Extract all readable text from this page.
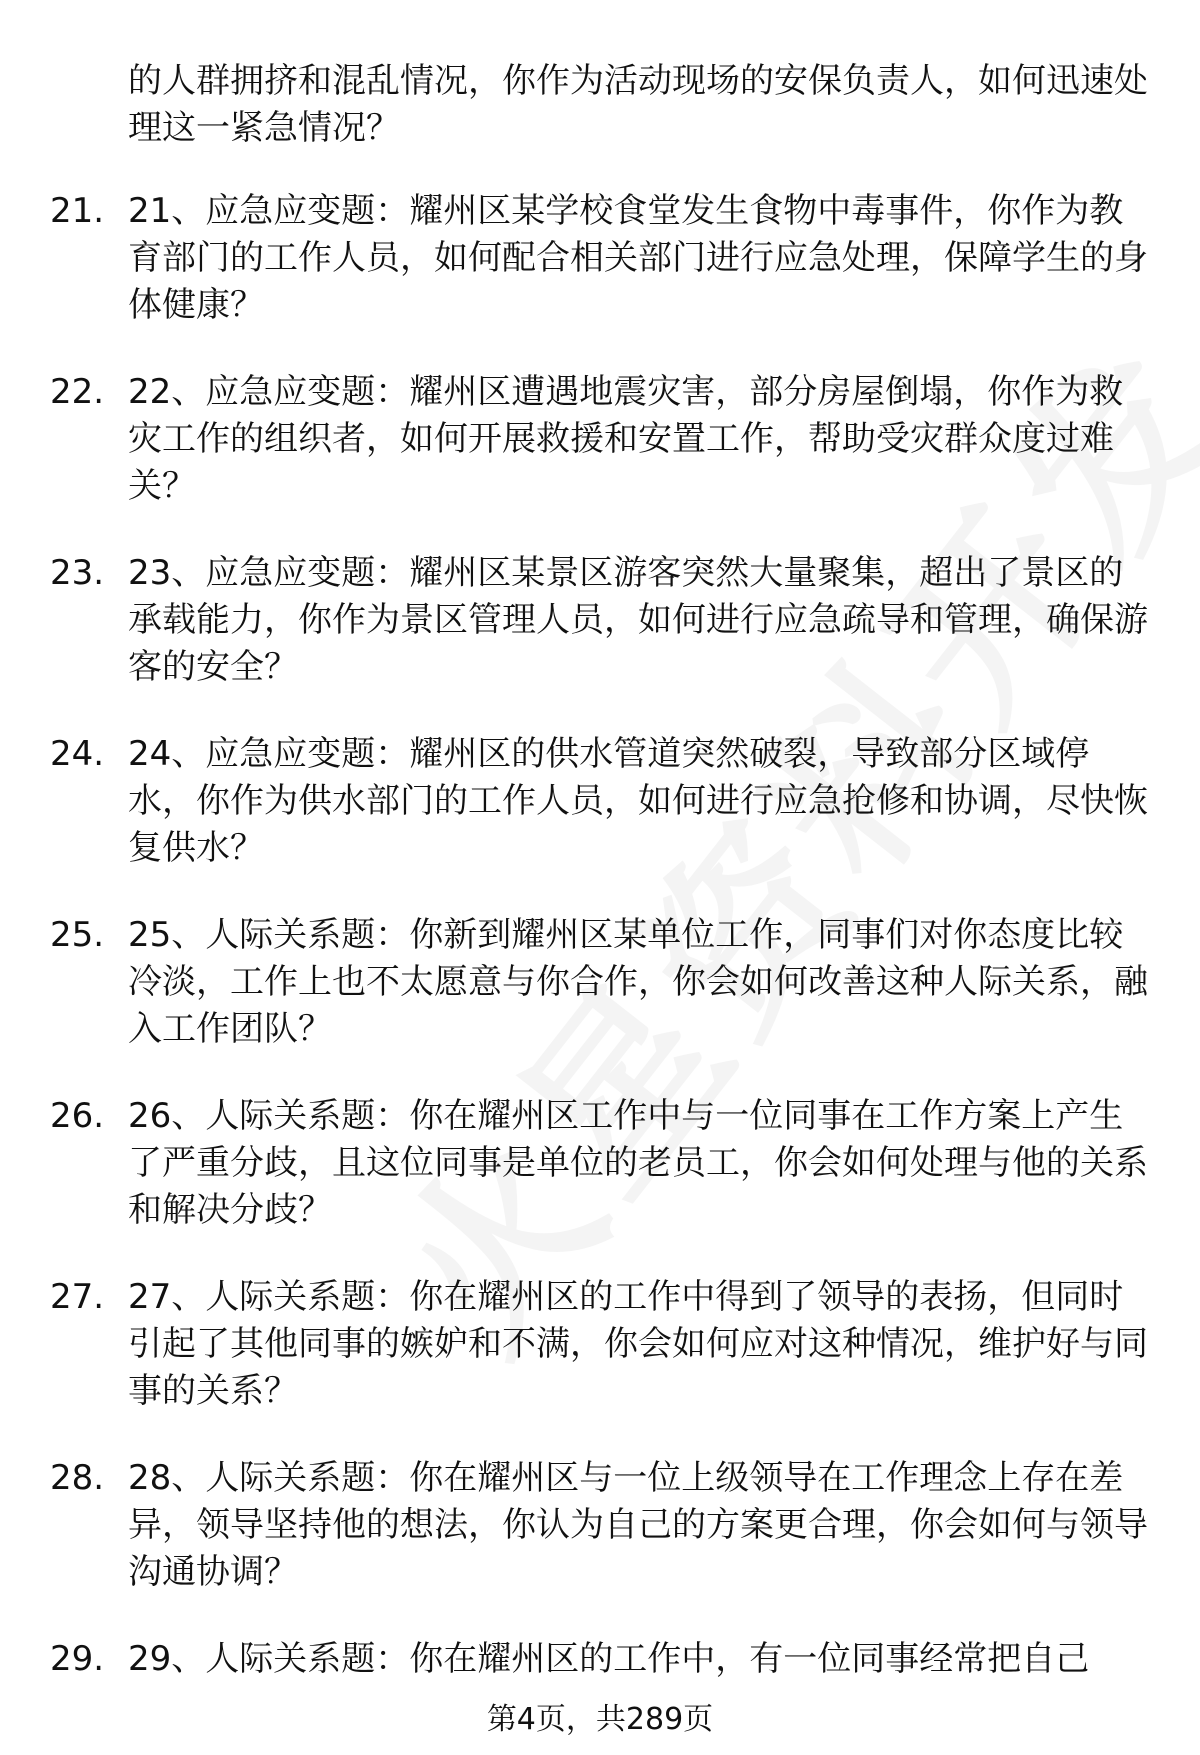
的人群拥挤和混乱情况，你作为活动现场的安保负责人，如何迅速处理这一紧急情况？

21. 21、应急应变题：耀州区某学校食堂发生食物中毒事件，你作为教育部门的工作人员，如何配合相关部门进行应急处理，保障学生的身体健康？
22. 22、应急应变题：耀州区遭遇地震灾害，部分房屋倒塌，你作为救灾工作的组织者，如何开展救援和安置工作，帮助受灾群众度过难关？
23. 23、应急应变题：耀州区某景区游客突然大量聚集，超出了景区的承载能力，你作为景区管理人员，如何进行应急疏导和管理，确保游客的安全？
24. 24、应急应变题：耀州区的供水管道突然破裂，导致部分区域停水，你作为供水部门的工作人员，如何进行应急抢修和协调，尽快恢复供水？
25. 25、人际关系题：你新到耀州区某单位工作，同事们对你态度比较冷淡，工作上也不太愿意与你合作，你会如何改善这种人际关系，融入工作团队？
26. 26、人际关系题：你在耀州区工作中与一位同事在工作方案上产生了严重分歧，且这位同事是单位的老员工，你会如何处理与他的关系和解决分歧？
27. 27、人际关系题：你在耀州区的工作中得到了领导的表扬，但同时引起了其他同事的嫉妒和不满，你会如何应对这种情况，维护好与同事的关系？
28. 28、人际关系题：你在耀州区与一位上级领导在工作理念上存在差异，领导坚持他的想法，你认为自己的方案更合理，你会如何与领导沟通协调？
29. 29、人际关系题：你在耀州区的工作中，有一位同事经常把自己
第4页，共289页
